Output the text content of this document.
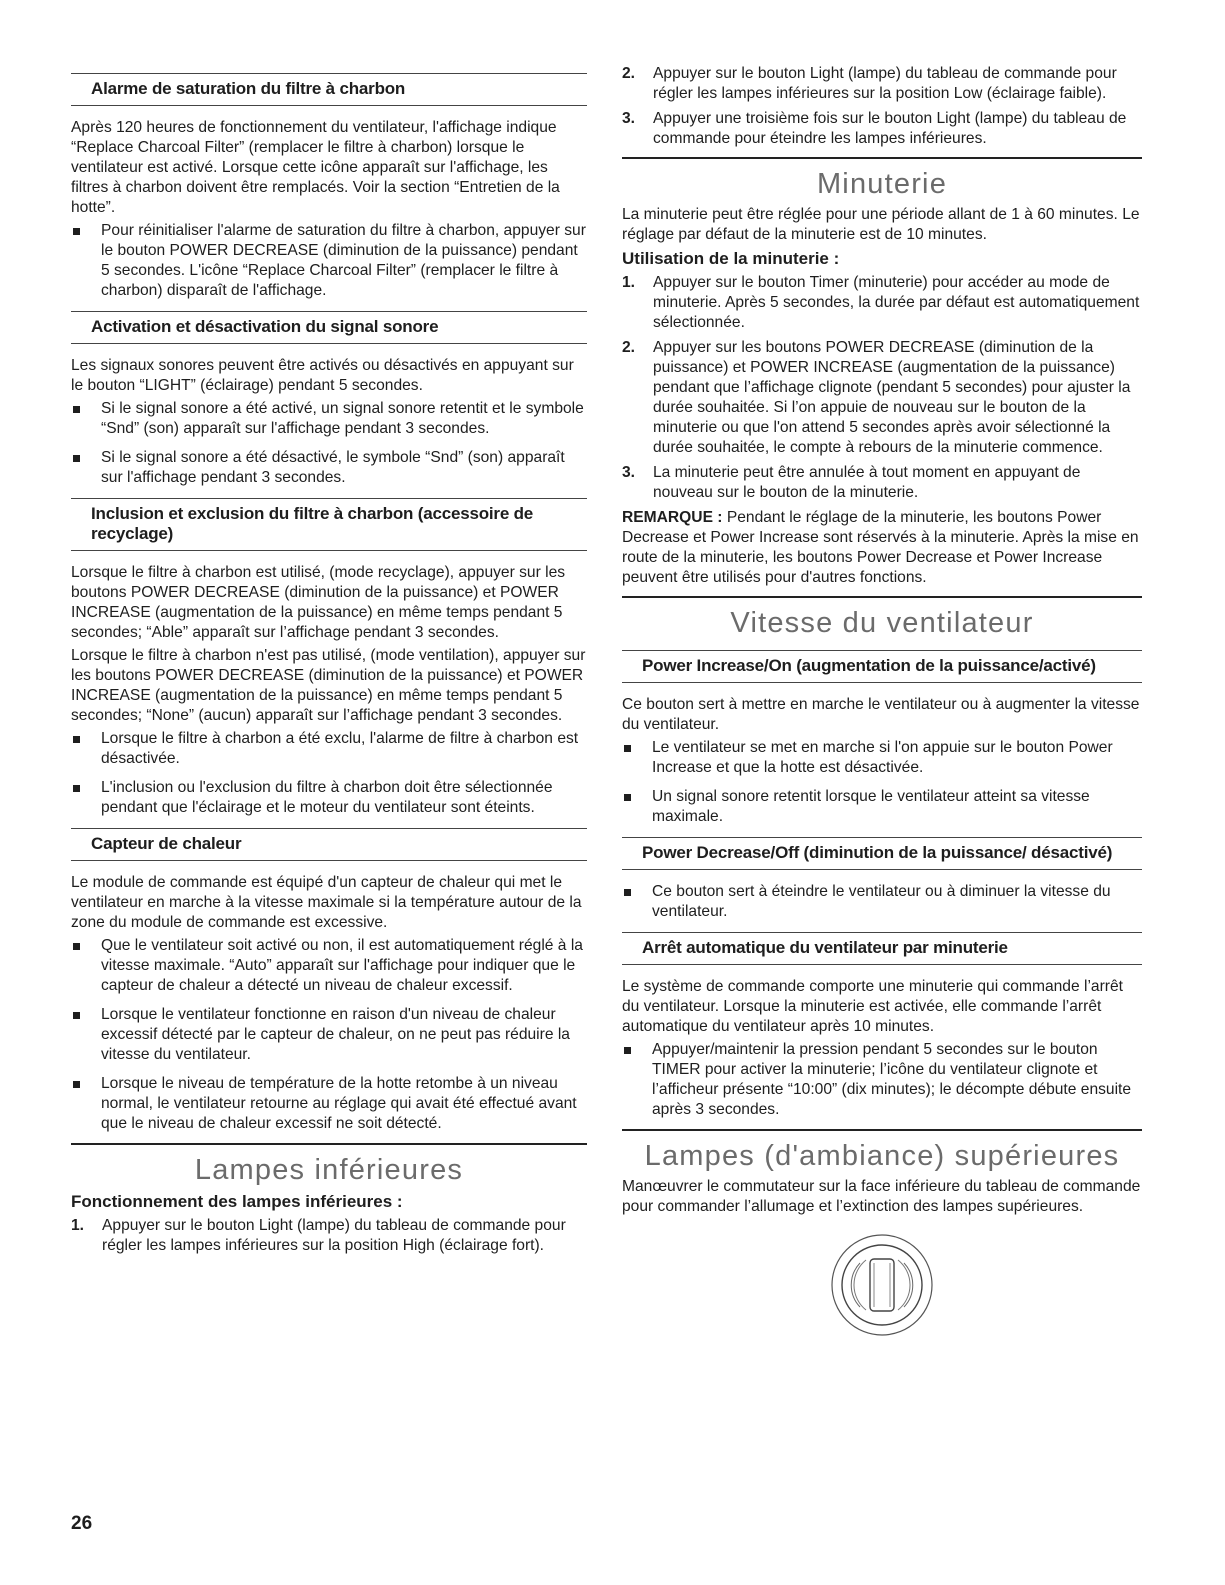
Alarme de saturation du filtre à charbon

Après 120 heures de fonctionnement du ventilateur, l'affichage indique “Replace Charcoal Filter” (remplacer le filtre à charbon) lorsque le ventilateur est activé. Lorsque cette icône apparaît sur l'affichage, les filtres à charbon doivent être remplacés. Voir la section “Entretien de la hotte”.

Pour réinitialiser l'alarme de saturation du filtre à charbon, appuyer sur le bouton POWER DECREASE (diminution de la puissance) pendant 5 secondes. L'icône “Replace Charcoal Filter” (remplacer le filtre à charbon) disparaît de l'affichage.
Activation et désactivation du signal sonore

Les signaux sonores peuvent être activés ou désactivés en appuyant sur le bouton “LIGHT” (éclairage) pendant 5 secondes.

Si le signal sonore a été activé, un signal sonore retentit et le symbole “Snd” (son) apparaît sur l'affichage pendant 3 secondes.
Si le signal sonore a été désactivé, le symbole “Snd” (son) apparaît sur l'affichage pendant 3 secondes.
Inclusion et exclusion du filtre à charbon (accessoire de recyclage)

Lorsque le filtre à charbon est utilisé, (mode recyclage), appuyer sur les boutons POWER DECREASE (diminution de la puissance) et POWER INCREASE (augmentation de la puissance) en même temps pendant 5 secondes; “Able” apparaît sur l’affichage pendant 3 secondes.

Lorsque le filtre à charbon n'est pas utilisé, (mode ventilation), appuyer sur les boutons POWER DECREASE (diminution de la puissance) et POWER INCREASE (augmentation de la puissance) en même temps pendant 5 secondes; “None” (aucun) apparaît sur l’affichage pendant 3 secondes.

Lorsque le filtre à charbon a été exclu, l'alarme de filtre à charbon est désactivée.
L'inclusion ou l'exclusion du filtre à charbon doit être sélectionnée pendant que l'éclairage et le moteur du ventilateur sont éteints.
Capteur de chaleur

Le module de commande est équipé d'un capteur de chaleur qui met le ventilateur en marche à la vitesse maximale si la température autour de la zone du module de commande est excessive.

Que le ventilateur soit activé ou non, il est automatiquement réglé à la vitesse maximale. “Auto” apparaît sur l'affichage pour indiquer que le capteur de chaleur a détecté un niveau de chaleur excessif.
Lorsque le ventilateur fonctionne en raison d'un niveau de chaleur excessif détecté par le capteur de chaleur, on ne peut pas réduire la vitesse du ventilateur.
Lorsque le niveau de température de la hotte retombe à un niveau normal, le ventilateur retourne au réglage qui avait été effectué avant que le niveau de chaleur excessif ne soit détecté.
Lampes inférieures
Fonctionnement des lampes inférieures :
1. Appuyer sur le bouton Light (lampe) du tableau de commande pour régler les lampes inférieures sur la position High (éclairage fort).
2. Appuyer sur le bouton Light (lampe) du tableau de commande pour régler les lampes inférieures sur la position Low (éclairage faible).
3. Appuyer une troisième fois sur le bouton Light (lampe) du tableau de commande pour éteindre les lampes inférieures.
Minuterie

La minuterie peut être réglée pour une période allant de 1 à 60 minutes. Le réglage par défaut de la minuterie est de 10 minutes.

Utilisation de la minuterie :
1. Appuyer sur le bouton Timer (minuterie) pour accéder au mode de minuterie. Après 5 secondes, la durée par défaut est automatiquement sélectionnée.
2. Appuyer sur les boutons POWER DECREASE (diminution de la puissance) et POWER INCREASE (augmentation de la puissance) pendant que l’affichage clignote (pendant 5 secondes) pour ajuster la durée souhaitée. Si l’on appuie de nouveau sur le bouton de la minuterie ou que l'on attend 5 secondes après avoir sélectionné la durée souhaitée, le compte à rebours de la minuterie commence.
3. La minuterie peut être annulée à tout moment en appuyant de nouveau sur le bouton de la minuterie.
REMARQUE : Pendant le réglage de la minuterie, les boutons Power Decrease et Power Increase sont réservés à la minuterie. Après la mise en route de la minuterie, les boutons Power Decrease et Power Increase peuvent être utilisés pour d'autres fonctions.
Vitesse du ventilateur
Power Increase/On (augmentation de la puissance/activé)

Ce bouton sert à mettre en marche le ventilateur ou à augmenter la vitesse du ventilateur.

Le ventilateur se met en marche si l'on appuie sur le bouton Power Increase et que la hotte est désactivée.
Un signal sonore retentit lorsque le ventilateur atteint sa vitesse maximale.
Power Decrease/Off (diminution de la puissance/ désactivé)
Ce bouton sert à éteindre le ventilateur ou à diminuer la vitesse du ventilateur.
Arrêt automatique du ventilateur par minuterie

Le système de commande comporte une minuterie qui commande l’arrêt du ventilateur. Lorsque la minuterie est activée, elle commande l’arrêt automatique du ventilateur après 10 minutes.

Appuyer/maintenir la pression pendant 5 secondes sur le bouton TIMER pour activer la minuterie; l’icône du ventilateur clignote et l’afficheur présente “10:00” (dix minutes); le décompte débute ensuite après 3 secondes.
Lampes (d'ambiance) supérieures

Manœuvrer le commutateur sur la face inférieure du tableau de commande pour commander l’allumage et l’extinction des lampes supérieures.

26
